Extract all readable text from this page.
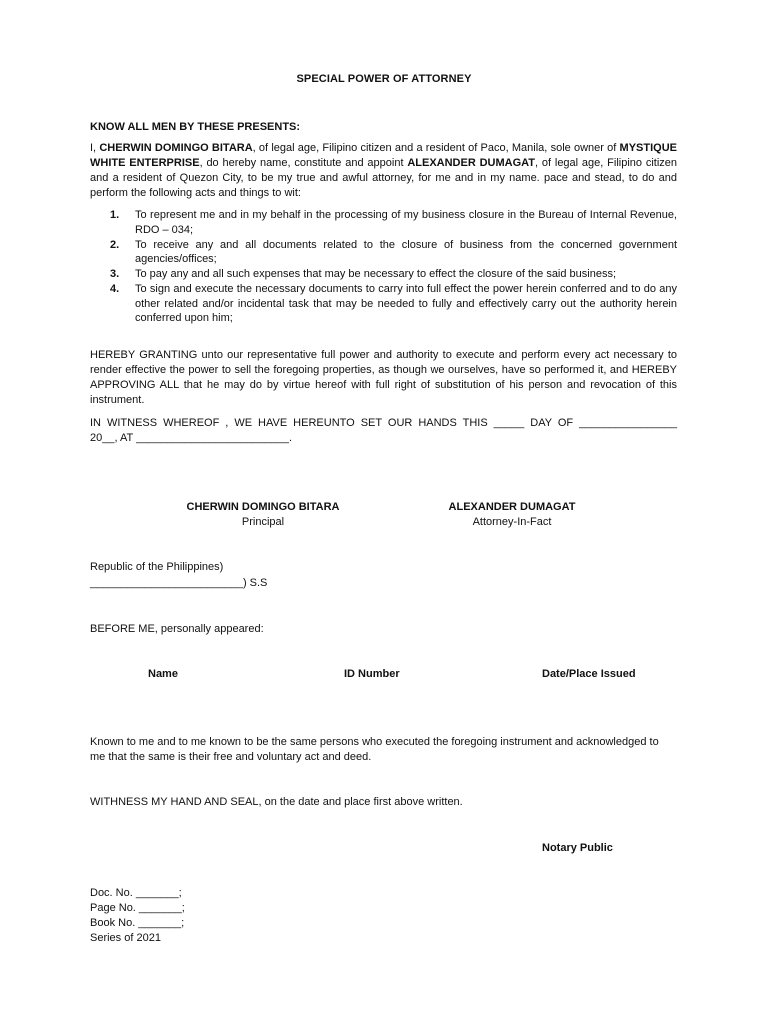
SPECIAL POWER OF ATTORNEY
KNOW ALL MEN BY THESE PRESENTS:
I, CHERWIN DOMINGO BITARA, of legal age, Filipino citizen and a resident of Paco, Manila, sole owner of MYSTIQUE WHITE ENTERPRISE, do hereby name, constitute and appoint ALEXANDER DUMAGAT, of legal age, Filipino citizen and a resident of Quezon City, to be my true and awful attorney, for me and in my name. pace and stead, to do and perform the following acts and things to wit:
1. To represent me and in my behalf in the processing of my business closure in the Bureau of Internal Revenue, RDO – 034;
2. To receive any and all documents related to the closure of business from the concerned government agencies/offices;
3. To pay any and all such expenses that may be necessary to effect the closure of the said business;
4. To sign and execute the necessary documents to carry into full effect the power herein conferred and to do any other related and/or incidental task that may be needed to fully and effectively carry out the authority herein conferred upon him;
HEREBY GRANTING unto our representative full power and authority to execute and perform every act necessary to render effective the power to sell the foregoing properties, as though we ourselves, have so performed it, and HEREBY APPROVING ALL that he may do by virtue hereof with full right of substitution of his person and revocation of this instrument.
IN WITNESS WHEREOF , WE HAVE HEREUNTO SET OUR HANDS THIS _____ DAY OF ________________
20__, AT _________________________.
CHERWIN DOMINGO BITARA
Principal
ALEXANDER DUMAGAT
Attorney-In-Fact
Republic of the Philippines)
_________________________) S.S
BEFORE ME, personally appeared:
Name	ID Number	Date/Place Issued
Known to me and to me known to be the same persons who executed the foregoing instrument and acknowledged to me that the same is their free and voluntary act and deed.
WITHNESS MY HAND AND SEAL, on the date and place first above written.
Notary Public
Doc. No. _______;
Page No. _______;
Book No. _______;
Series of 2021
